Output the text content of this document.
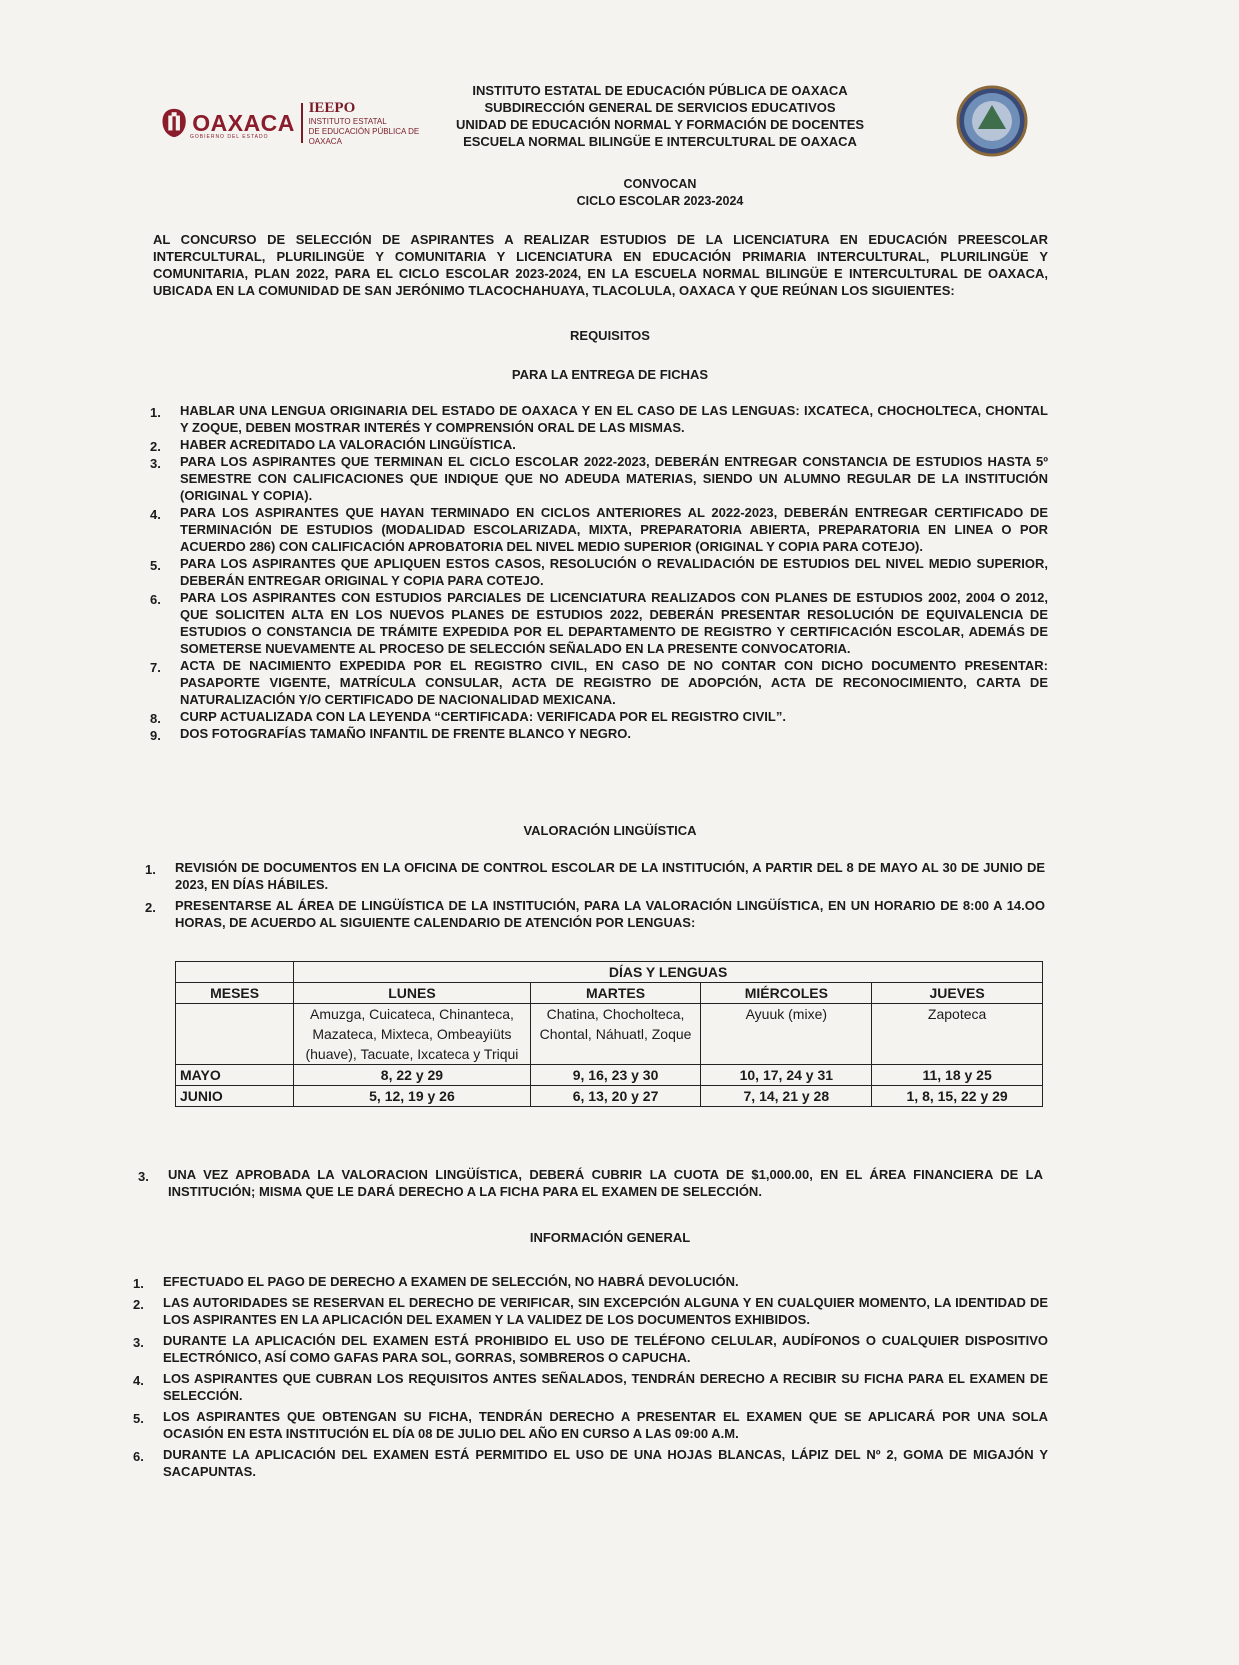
OAXACA
IEEPO
INSTITUTO ESTATAL
DE EDUCACIÓN PÚBLICA DE OAXACA
GOBIERNO DEL ESTADO
INSTITUTO ESTATAL DE EDUCACIÓN PÚBLICA DE OAXACA
SUBDIRECCIÓN GENERAL DE SERVICIOS EDUCATIVOS
UNIDAD DE EDUCACIÓN NORMAL Y FORMACIÓN DE DOCENTES
ESCUELA NORMAL BILINGÜE E INTERCULTURAL DE OAXACA
CONVOCAN
CICLO ESCOLAR 2023-2024
AL CONCURSO DE SELECCIÓN DE ASPIRANTES A REALIZAR ESTUDIOS DE LA LICENCIATURA EN EDUCACIÓN PREESCOLAR INTERCULTURAL, PLURILINGÜE Y COMUNITARIA Y LICENCIATURA EN EDUCACIÓN PRIMARIA INTERCULTURAL, PLURILINGÜE Y COMUNITARIA, PLAN 2022, PARA EL CICLO ESCOLAR 2023-2024, EN LA ESCUELA NORMAL BILINGÜE E INTERCULTURAL DE OAXACA, UBICADA EN LA COMUNIDAD DE SAN JERÓNIMO TLACOCHAHUAYA, TLACOLULA, OAXACA Y QUE REÚNAN LOS SIGUIENTES:
REQUISITOS
PARA LA ENTREGA DE FICHAS
1. HABLAR UNA LENGUA ORIGINARIA DEL ESTADO DE OAXACA Y EN EL CASO DE LAS LENGUAS: IXCATECA, CHOCHOLTECA, CHONTAL Y ZOQUE, DEBEN MOSTRAR INTERÉS Y COMPRENSIÓN ORAL DE LAS MISMAS.
2. HABER ACREDITADO LA VALORACIÓN LINGÜÍSTICA.
3. PARA LOS ASPIRANTES QUE TERMINAN EL CICLO ESCOLAR 2022-2023, DEBERÁN ENTREGAR CONSTANCIA DE ESTUDIOS HASTA 5º SEMESTRE CON CALIFICACIONES QUE INDIQUE QUE NO ADEUDA MATERIAS, SIENDO UN ALUMNO REGULAR DE LA INSTITUCIÓN (ORIGINAL Y COPIA).
4. PARA LOS ASPIRANTES QUE HAYAN TERMINADO EN CICLOS ANTERIORES AL 2022-2023, DEBERÁN ENTREGAR CERTIFICADO DE TERMINACIÓN DE ESTUDIOS (MODALIDAD ESCOLARIZADA, MIXTA, PREPARATORIA ABIERTA, PREPARATORIA EN LINEA O POR ACUERDO 286) CON CALIFICACIÓN APROBATORIA DEL NIVEL MEDIO SUPERIOR (ORIGINAL Y COPIA PARA COTEJO).
5. PARA LOS ASPIRANTES QUE APLIQUEN ESTOS CASOS, RESOLUCIÓN O REVALIDACIÓN DE ESTUDIOS DEL NIVEL MEDIO SUPERIOR, DEBERÁN ENTREGAR ORIGINAL Y COPIA PARA COTEJO.
6. PARA LOS ASPIRANTES CON ESTUDIOS PARCIALES DE LICENCIATURA REALIZADOS CON PLANES DE ESTUDIOS 2002, 2004 O 2012, QUE SOLICITEN ALTA EN LOS NUEVOS PLANES DE ESTUDIOS 2022, DEBERÁN PRESENTAR RESOLUCIÓN DE EQUIVALENCIA DE ESTUDIOS O CONSTANCIA DE TRÁMITE EXPEDIDA POR EL DEPARTAMENTO DE REGISTRO Y CERTIFICACIÓN ESCOLAR, ADEMÁS DE SOMETERSE NUEVAMENTE AL PROCESO DE SELECCIÓN SEÑALADO EN LA PRESENTE CONVOCATORIA.
7. ACTA DE NACIMIENTO EXPEDIDA POR EL REGISTRO CIVIL, EN CASO DE NO CONTAR CON DICHO DOCUMENTO PRESENTAR: PASAPORTE VIGENTE, MATRÍCULA CONSULAR, ACTA DE REGISTRO DE ADOPCIÓN, ACTA DE RECONOCIMIENTO, CARTA DE NATURALIZACIÓN Y/O CERTIFICADO DE NACIONALIDAD MEXICANA.
8. CURP ACTUALIZADA CON LA LEYENDA “CERTIFICADA: VERIFICADA POR EL REGISTRO CIVIL”.
9. DOS FOTOGRAFÍAS TAMAÑO INFANTIL DE FRENTE BLANCO Y NEGRO.
VALORACIÓN LINGÜÍSTICA
1. REVISIÓN DE DOCUMENTOS EN LA OFICINA DE CONTROL ESCOLAR DE LA INSTITUCIÓN, A PARTIR DEL 8 DE MAYO AL 30 DE JUNIO DE 2023, EN DÍAS HÁBILES.
2. PRESENTARSE AL ÁREA DE LINGÜÍSTICA DE LA INSTITUCIÓN, PARA LA VALORACIÓN LINGÜÍSTICA, EN UN HORARIO DE 8:00 A 14.OO HORAS, DE ACUERDO AL SIGUIENTE CALENDARIO DE ATENCIÓN POR LENGUAS:
	DÍAS Y LENGUAS			
MESES	LUNES	MARTES	MIÉRCOLES	JUEVES
	Amuzga, Cuicateca, Chinanteca, Mazateca, Mixteca, Ombeayiüts (huave), Tacuate, Ixcateca y Triqui	Chatina, Chocholteca, Chontal, Náhuatl, Zoque	Ayuuk (mixe)	Zapoteca
MAYO	8, 22 y 29	9, 16, 23 y 30	10, 17, 24 y 31	11, 18 y 25
JUNIO	5, 12, 19 y 26	6, 13, 20 y 27	7, 14, 21 y 28	1, 8, 15, 22 y 29
3. UNA VEZ APROBADA LA VALORACION LINGÜÍSTICA, DEBERÁ CUBRIR LA CUOTA DE $1,000.00, EN EL ÁREA FINANCIERA DE LA INSTITUCIÓN; MISMA QUE LE DARÁ DERECHO A LA FICHA PARA EL EXAMEN DE SELECCIÓN.
INFORMACIÓN GENERAL
1. EFECTUADO EL PAGO DE DERECHO A EXAMEN DE SELECCIÓN, NO HABRÁ DEVOLUCIÓN.
2. LAS AUTORIDADES SE RESERVAN EL DERECHO DE VERIFICAR, SIN EXCEPCIÓN ALGUNA Y EN CUALQUIER MOMENTO, LA IDENTIDAD DE LOS ASPIRANTES EN LA APLICACIÓN DEL EXAMEN Y LA VALIDEZ DE LOS DOCUMENTOS EXHIBIDOS.
3. DURANTE LA APLICACIÓN DEL EXAMEN ESTÁ PROHIBIDO EL USO DE TELÉFONO CELULAR, AUDÍFONOS O CUALQUIER DISPOSITIVO ELECTRÓNICO, ASÍ COMO GAFAS PARA SOL, GORRAS, SOMBREROS O CAPUCHA.
4. LOS ASPIRANTES QUE CUBRAN LOS REQUISITOS ANTES SEÑALADOS, TENDRÁN DERECHO A RECIBIR SU FICHA PARA EL EXAMEN DE SELECCIÓN.
5. LOS ASPIRANTES QUE OBTENGAN SU FICHA, TENDRÁN DERECHO A PRESENTAR EL EXAMEN QUE SE APLICARÁ POR UNA SOLA OCASIÓN EN ESTA INSTITUCIÓN EL DÍA 08 DE JULIO DEL AÑO EN CURSO A LAS 09:00 A.M.
6. DURANTE LA APLICACIÓN DEL EXAMEN ESTÁ PERMITIDO EL USO DE UNA HOJAS BLANCAS, LÁPIZ DEL Nº 2, GOMA DE MIGAJÓN Y SACAPUNTAS.
